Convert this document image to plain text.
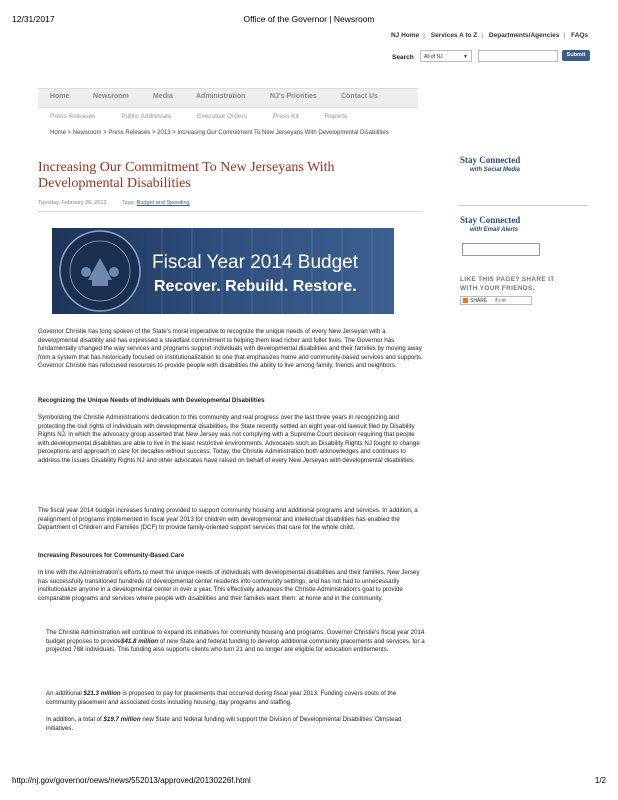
12/31/2017	Office of the Governor | Newsroom
NJ Home | Services A to Z | Departments/Agencies | FAQs
Search	All of NJ	▼	Submit
Home	Newsroom	Media	Administration	NJ's Priorities	Contact Us
Press Releases	Public Addresses	Executive Orders	Press Kit	Reports
Home > Newsroom > Press Releases > 2013 > Increasing Our Commitment To New Jerseyans With Developmental Disabilities
Increasing Our Commitment To New Jerseyans With Developmental Disabilities
Tuesday, February 26, 2013	Tags: Budget and Spending
Fiscal Year 2014 Budget
Recover. Rebuild. Restore.
Governor Christie has long spoken of the State's moral imperative to recognize the unique needs of every New Jerseyan with a developmental disability and has expressed a steadfast commitment to helping them lead richer and fuller lives. The Governor has fundamentally changed the way services and programs support individuals with developmental disabilities and their families by moving away from a system that has historically focused on institutionalization to one that emphasizes home and community-based services and supports. Governor Christie has refocused resources to provide people with disabilities the ability to live among family, friends and neighbors.
Recognizing the Unique Needs of Individuals with Developmental Disabilities
Symbolizing the Christie Administration's dedication to this community and real progress over the last three years in recognizing and protecting the civil rights of individuals with developmental disabilities, the State recently settled an eight year-old lawsuit filed by Disability Rights NJ, in which the advocacy group asserted that New Jersey was not complying with a Supreme Court decision requiring that people with developmental disabilities are able to live in the least restrictive environments. Advocates such as Disability Rights NJ fought to change perceptions and approach in care for decades without success. Today, the Christie Administration both acknowledges and continues to address the issues Disability Rights NJ and other advocates have raised on behalf of every New Jerseyan with developmental disabilities.
The fiscal year 2014 budget increases funding provided to support community housing and additional programs and services. In addition, a realignment of programs implemented in fiscal year 2013 for children with developmental and intellectual disabilities has enabled the Department of Children and Families (DCF) to provide family-oriented support services that care for the whole child.
Increasing Resources for Community-Based Care
In line with the Administration's efforts to meet the unique needs of individuals with developmental disabilities and their families, New Jersey has successfully transitioned hundreds of developmental center residents into community settings, and has not had to unnecessarily institutionalize anyone in a developmental center in over a year. This effectively advances the Christie Administration's goal to provide comparable programs and services where people with disabilities and their families want them: at home and in the community.
The Christie Administration will continue to expand its initiatives for community housing and programs. Governor Christie's fiscal year 2014 budget proposes to provide$41.8 million of new State and federal funding to develop additional community placements and services, for a projected 788 individuals. This funding also supports clients who turn 21 and no longer are eligible for education entitlements.
An additional $21.3 million is proposed to pay for placements that occurred during fiscal year 2013. Funding covers costs of the community placement and associated costs including housing, day programs and staffing.
In addition, a total of $19.7 million new State and federal funding will support the Division of Developmental Disabilities' Olmstead initiatives.
Stay Connected
with Social Media
Stay Connected
with Email Alerts
LIKE THIS PAGE? SHARE IT
WITH YOUR FRIENDS.
SHARE f t ✉
http://nj.gov/governor/news/news/552013/approved/20130226f.html	1/2
